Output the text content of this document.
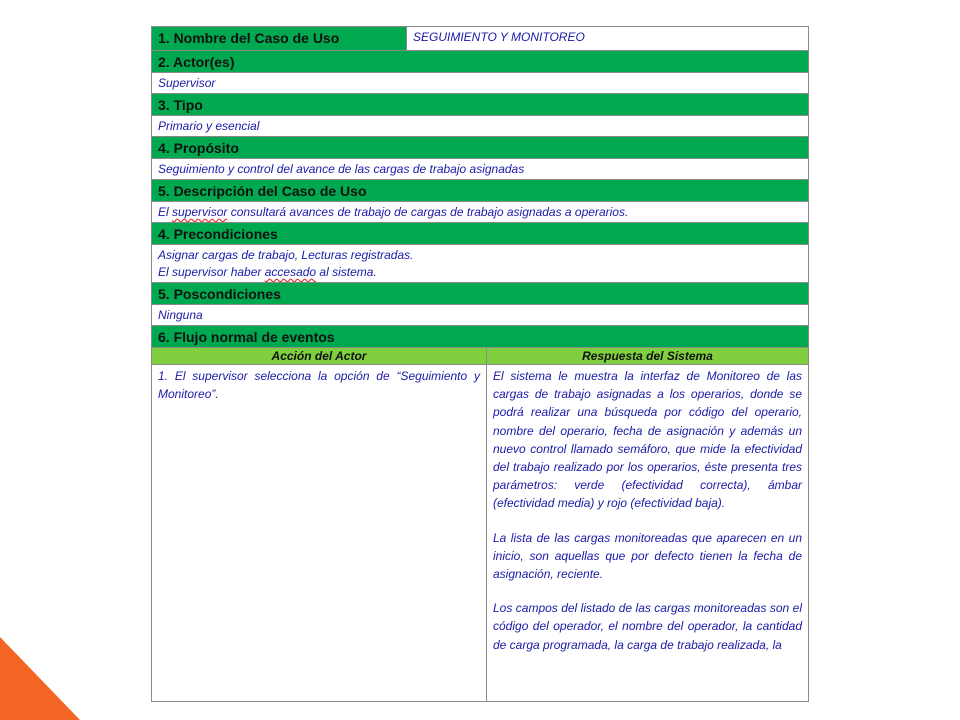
1. Nombre del Caso de Uso	SEGUIMIENTO Y MONITOREO
2. Actor(es)
Supervisor
3. Tipo
Primario y esencial
4. Propósito
Seguimiento y control del avance de las cargas de trabajo asignadas
5. Descripción del Caso de Uso
El supervisor consultará avances de trabajo de cargas de trabajo asignadas a operarios.
4. Precondiciones
Asignar cargas de trabajo, Lecturas registradas.
El supervisor haber accesado al sistema.
5. Poscondiciones
Ninguna
6. Flujo normal de eventos
Acción del Actor	Respuesta del Sistema

1. El supervisor selecciona la opción de “Seguimiento y Monitoreo”.

El sistema le muestra la interfaz de Monitoreo de las cargas de trabajo asignadas a los operarios, donde se podrá realizar una búsqueda por código del operario, nombre del operario, fecha de asignación y además un nuevo control llamado semáforo, que mide la efectividad del trabajo realizado por los operarios, éste presenta tres parámetros: verde (efectividad correcta), ámbar (efectividad media) y rojo (efectividad baja).

La lista de las cargas monitoreadas que aparecen en un inicio, son aquellas que por defecto tienen la fecha de asignación, reciente.

Los campos del listado de las cargas monitoreadas son el código del operador, el nombre del operador, la cantidad de carga programada, la carga de trabajo realizada, la
